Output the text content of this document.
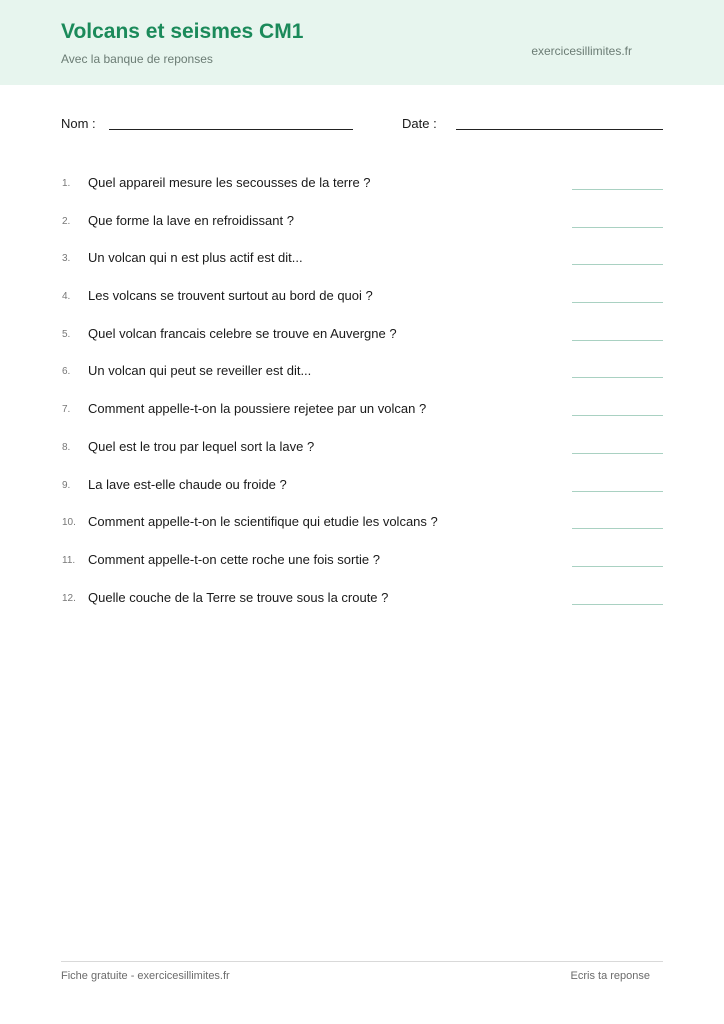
Volcans et seismes CM1
Avec la banque de reponses
exercicesillimites.fr
Nom :	Date :
1. Quel appareil mesure les secousses de la terre ?
2. Que forme la lave en refroidissant ?
3. Un volcan qui n est plus actif est dit...
4. Les volcans se trouvent surtout au bord de quoi ?
5. Quel volcan francais celebre se trouve en Auvergne ?
6. Un volcan qui peut se reveiller est dit...
7. Comment appelle-t-on la poussiere rejetee par un volcan ?
8. Quel est le trou par lequel sort la lave ?
9. La lave est-elle chaude ou froide ?
10. Comment appelle-t-on le scientifique qui etudie les volcans ?
11. Comment appelle-t-on cette roche une fois sortie ?
12. Quelle couche de la Terre se trouve sous la croute ?
Fiche gratuite - exercicesillimites.fr	Ecris ta reponse
